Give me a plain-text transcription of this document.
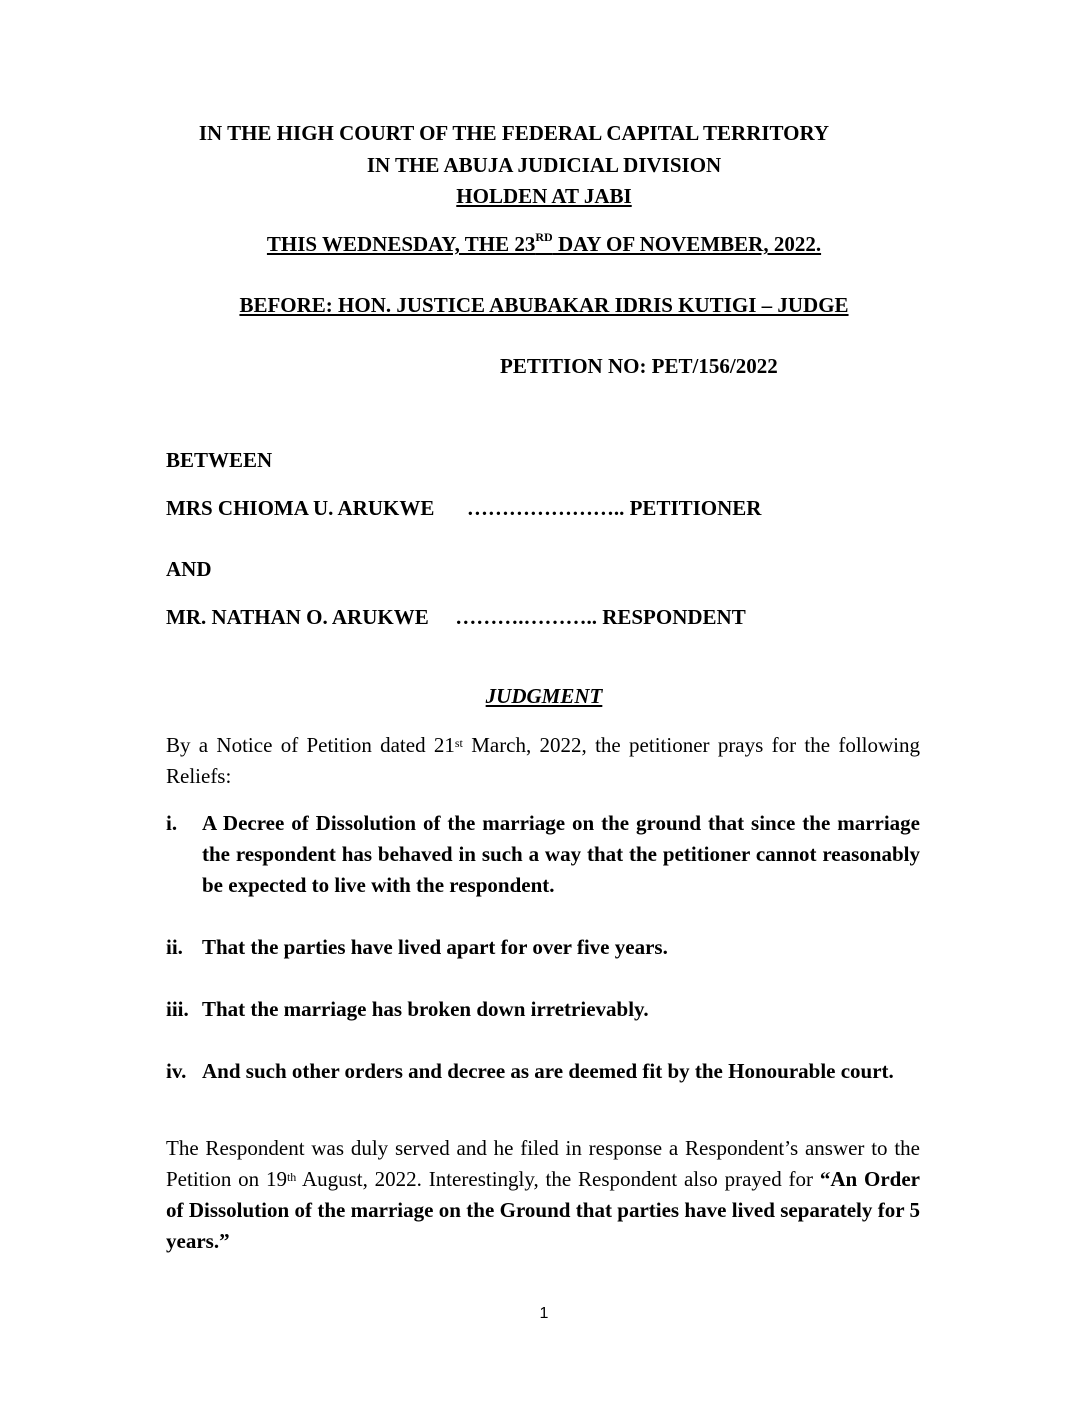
IN THE HIGH COURT OF THE FEDERAL CAPITAL TERRITORY
IN THE ABUJA JUDICIAL DIVISION
HOLDEN AT JABI
THIS WEDNESDAY, THE 23RD DAY OF NOVEMBER, 2022.
BEFORE: HON. JUSTICE ABUBAKAR IDRIS KUTIGI – JUDGE
PETITION NO: PET/156/2022
BETWEEN
MRS CHIOMA U. ARUKWE ………………….. PETITIONER
AND
MR. NATHAN O. ARUKWE ……….……….. RESPONDENT
JUDGMENT
By a Notice of Petition dated 21st March, 2022, the petitioner prays for the following Reliefs:
i. A Decree of Dissolution of the marriage on the ground that since the marriage the respondent has behaved in such a way that the petitioner cannot reasonably be expected to live with the respondent.
ii. That the parties have lived apart for over five years.
iii. That the marriage has broken down irretrievably.
iv. And such other orders and decree as are deemed fit by the Honourable court.
The Respondent was duly served and he filed in response a Respondent’s answer to the Petition on 19th August, 2022. Interestingly, the Respondent also prayed for “An Order of Dissolution of the marriage on the Ground that parties have lived separately for 5 years.”
1
